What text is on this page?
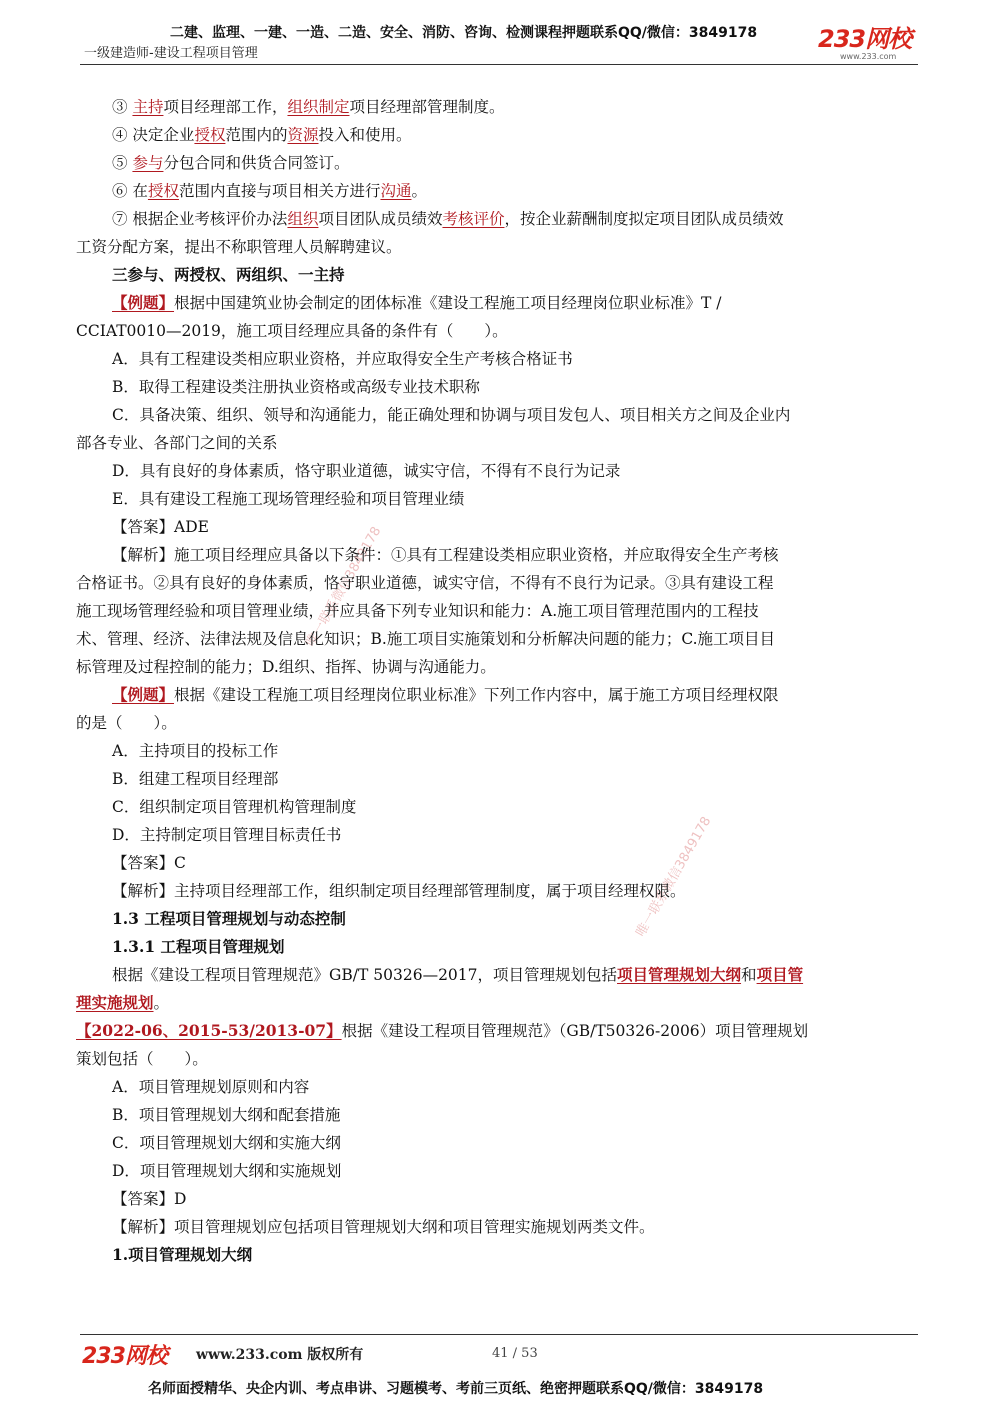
二建、监理、一建、一造、二造、安全、消防、咨询、检测课程押题联系QQ/微信：3849178
一级建造师-建设工程项目管理
233网校
www.233.com
唯一联系微信3849178
唯一联系微信3849178
③ 主持项目经理部工作，组织制定项目经理部管理制度。
④ 决定企业授权范围内的资源投入和使用。
⑤ 参与分包合同和供货合同签订。
⑥ 在授权范围内直接与项目相关方进行沟通。
⑦ 根据企业考核评价办法组织项目团队成员绩效考核评价，按企业薪酬制度拟定项目团队成员绩效
工资分配方案，提出不称职管理人员解聘建议。
三参与、两授权、两组织、一主持
【例题】根据中国建筑业协会制定的团体标准《建设工程施工项目经理岗位职业标准》T /
CCIAT0010—2019，施工项目经理应具备的条件有（　　）。
A．具有工程建设类相应职业资格，并应取得安全生产考核合格证书
B．取得工程建设类注册执业资格或高级专业技术职称
C．具备决策、组织、领导和沟通能力，能正确处理和协调与项目发包人、项目相关方之间及企业内
部各专业、各部门之间的关系
D．具有良好的身体素质，恪守职业道德，诚实守信，不得有不良行为记录
E．具有建设工程施工现场管理经验和项目管理业绩
【答案】ADE
【解析】施工项目经理应具备以下条件：①具有工程建设类相应职业资格，并应取得安全生产考核
合格证书。②具有良好的身体素质，恪守职业道德，诚实守信，不得有不良行为记录。③具有建设工程
施工现场管理经验和项目管理业绩，并应具备下列专业知识和能力：A.施工项目管理范围内的工程技
术、管理、经济、法律法规及信息化知识；B.施工项目实施策划和分析解决问题的能力；C.施工项目目
标管理及过程控制的能力；D.组织、指挥、协调与沟通能力。
【例题】根据《建设工程施工项目经理岗位职业标准》下列工作内容中，属于施工方项目经理权限
的是（　　）。
A．主持项目的投标工作
B．组建工程项目经理部
C．组织制定项目管理机构管理制度
D．主持制定项目管理目标责任书
【答案】C
【解析】主持项目经理部工作，组织制定项目经理部管理制度，属于项目经理权限。
1.3 工程项目管理规划与动态控制
1.3.1 工程项目管理规划
根据《建设工程项目管理规范》GB/T 50326—2017，项目管理规划包括项目管理规划大纲和项目管
理实施规划。
【2022-06、2015-53/2013-07】根据《建设工程项目管理规范》（GB/T50326-2006）项目管理规划
策划包括（　　）。
A．项目管理规划原则和内容
B．项目管理规划大纲和配套措施
C．项目管理规划大纲和实施大纲
D．项目管理规划大纲和实施规划
【答案】D
【解析】项目管理规划应包括项目管理规划大纲和项目管理实施规划两类文件。
1.项目管理规划大纲
233网校 www.233.com 版权所有	41 / 53
名师面授精华、央企内训、考点串讲、习题模考、考前三页纸、绝密押题联系QQ/微信：3849178
